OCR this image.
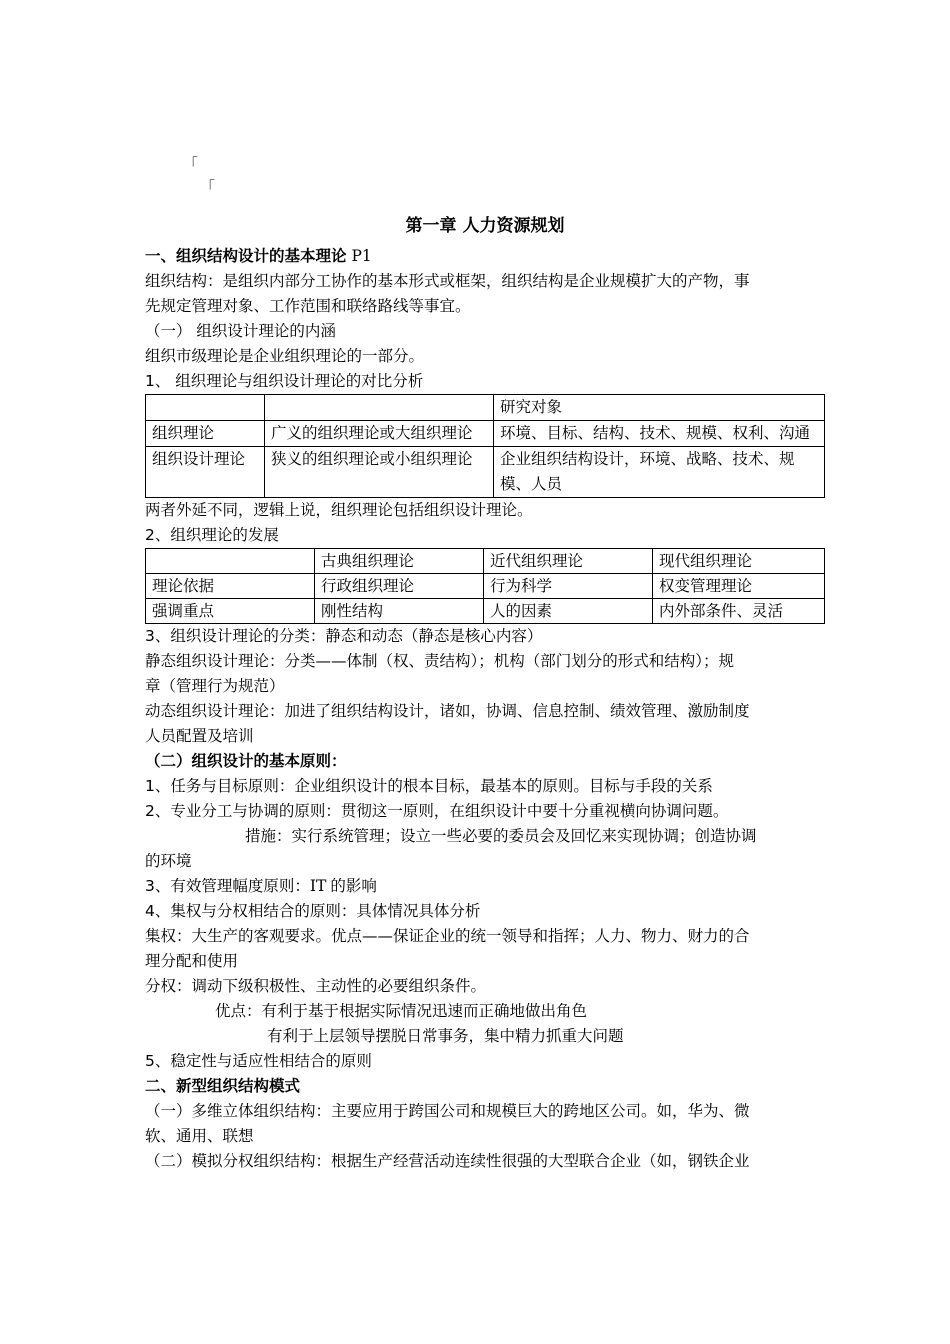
「
「
第一章 人力资源规划
一、组织结构设计的基本理论 P1
组织结构：是组织内部分工协作的基本形式或框架，组织结构是企业规模扩大的产物，事
先规定管理对象、工作范围和联络路线等事宜。
（一） 组织设计理论的内涵
组织市级理论是企业组织理论的一部分。
1、 组织理论与组织设计理论的对比分析
		研究对象
组织理论	广义的组织理论或大组织理论	环境、目标、结构、技术、规模、权利、沟通
组织设计理论	狭义的组织理论或小组织理论	企业组织结构设计，环境、战略、技术、规模、人员
两者外延不同，逻辑上说，组织理论包括组织设计理论。
2、组织理论的发展
	古典组织理论	近代组织理论	现代组织理论
理论依据	行政组织理论	行为科学	权变管理理论
强调重点	刚性结构	人的因素	内外部条件、灵活
3、组织设计理论的分类：静态和动态（静态是核心内容）
静态组织设计理论：分类——体制（权、责结构）；机构（部门划分的形式和结构）；规
章（管理行为规范）
动态组织设计理论：加进了组织结构设计，诸如，协调、信息控制、绩效管理、激励制度
人员配置及培训
（二）组织设计的基本原则：
1、任务与目标原则：企业组织设计的根本目标，最基本的原则。目标与手段的关系
2、专业分工与协调的原则：贯彻这一原则，在组织设计中要十分重视横向协调问题。
措施：实行系统管理；设立一些必要的委员会及回忆来实现协调；创造协调
的环境
3、有效管理幅度原则：IT 的影响
4、集权与分权相结合的原则：具体情况具体分析
集权：大生产的客观要求。优点——保证企业的统一领导和指挥；人力、物力、财力的合
理分配和使用
分权：调动下级积极性、主动性的必要组织条件。
优点：有利于基于根据实际情况迅速而正确地做出角色
有利于上层领导摆脱日常事务，集中精力抓重大问题
5、稳定性与适应性相结合的原则
二、新型组织结构模式
（一）多维立体组织结构：主要应用于跨国公司和规模巨大的跨地区公司。如，华为、微
软、通用、联想
（二）模拟分权组织结构：根据生产经营活动连续性很强的大型联合企业（如，钢铁企业
